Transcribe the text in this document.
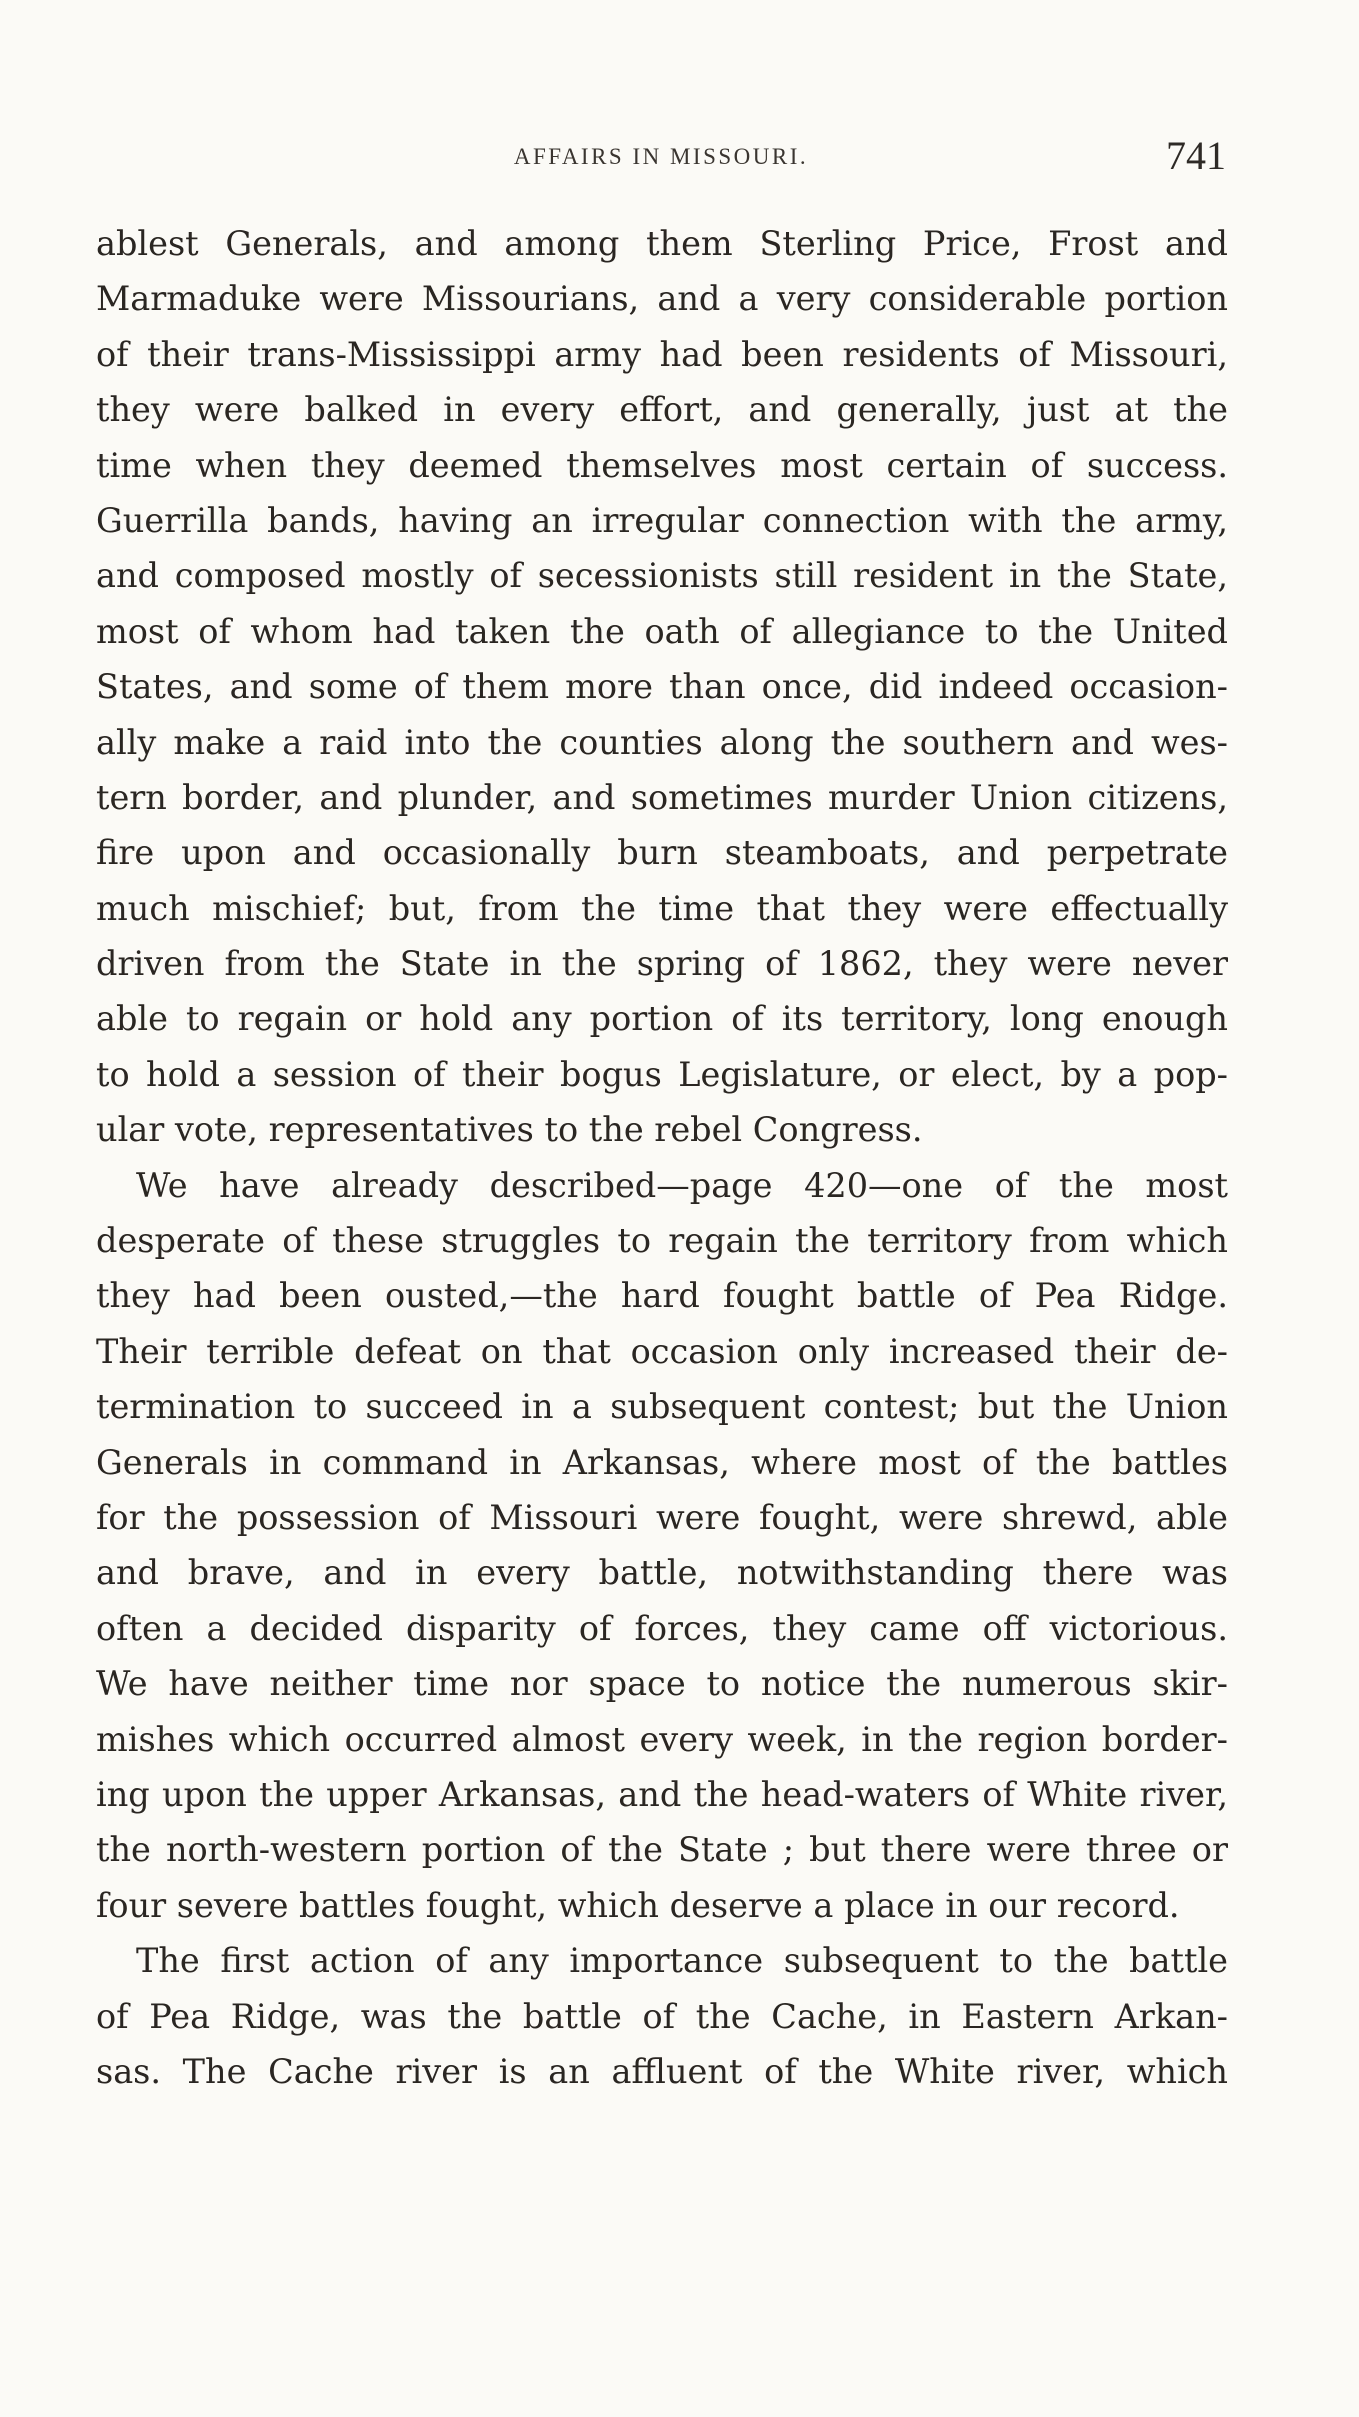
AFFAIRS IN MISSOURI.	741
ablest Generals, and among them Sterling Price, Frost and
Marmaduke were Missourians, and a very considerable portion
of their trans-Mississippi army had been residents of Missouri,
they were balked in every effort, and generally, just at the
time when they deemed themselves most certain of success.
Guerrilla bands, having an irregular connection with the army,
and composed mostly of secessionists still resident in the State,
most of whom had taken the oath of allegiance to the United
States, and some of them more than once, did indeed occasion-
ally make a raid into the counties along the southern and wes-
tern border, and plunder, and sometimes murder Union citizens,
fire upon and occasionally burn steamboats, and perpetrate
much mischief; but, from the time that they were effectually
driven from the State in the spring of 1862, they were never
able to regain or hold any portion of its territory, long enough
to hold a session of their bogus Legislature, or elect, by a pop-
ular vote, representatives to the rebel Congress.
We have already described—page 420—one of the most
desperate of these struggles to regain the territory from which
they had been ousted,—the hard fought battle of Pea Ridge.
Their terrible defeat on that occasion only increased their de-
termination to succeed in a subsequent contest; but the Union
Generals in command in Arkansas, where most of the battles
for the possession of Missouri were fought, were shrewd, able
and brave, and in every battle, notwithstanding there was
often a decided disparity of forces, they came off victorious.
We have neither time nor space to notice the numerous skir-
mishes which occurred almost every week, in the region border-
ing upon the upper Arkansas, and the head-waters of White river,
the north-western portion of the State ; but there were three or
four severe battles fought, which deserve a place in our record.
The first action of any importance subsequent to the battle
of Pea Ridge, was the battle of the Cache, in Eastern Arkan-
sas. The Cache river is an affluent of the White river, which
